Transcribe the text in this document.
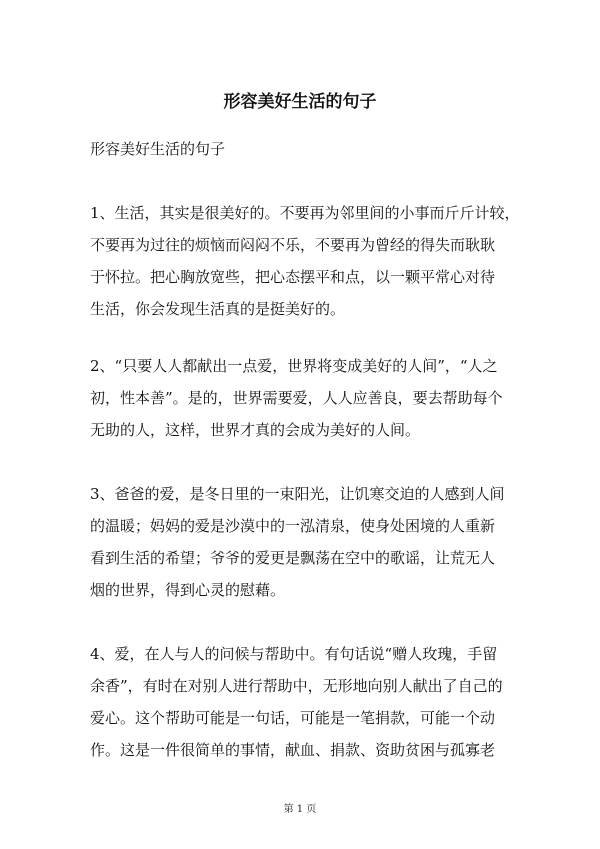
形容美好生活的句子

形容美好生活的句子

1、生活，其实是很美好的。不要再为邻里间的小事而斤斤计较，
不要再为过往的烦恼而闷闷不乐，不要再为曾经的得失而耿耿
于怀拉。把心胸放宽些，把心态摆平和点，以一颗平常心对待
生活，你会发现生活真的是挺美好的。
2、“只要人人都献出一点爱，世界将变成美好的人间”，“人之
初，性本善”。是的，世界需要爱，人人应善良，要去帮助每个
无助的人，这样，世界才真的会成为美好的人间。
3、爸爸的爱，是冬日里的一束阳光，让饥寒交迫的人感到人间
的温暖；妈妈的爱是沙漠中的一泓清泉，使身处困境的人重新
看到生活的希望；爷爷的爱更是飘荡在空中的歌谣，让荒无人
烟的世界，得到心灵的慰藉。
4、爱，在人与人的问候与帮助中。有句话说“赠人玫瑰，手留
余香”，有时在对别人进行帮助中，无形地向别人献出了自己的
爱心。这个帮助可能是一句话，可能是一笔捐款，可能一个动
作。这是一件很简单的事情，献血、捐款、资助贫困与孤寡老
第 1 页
